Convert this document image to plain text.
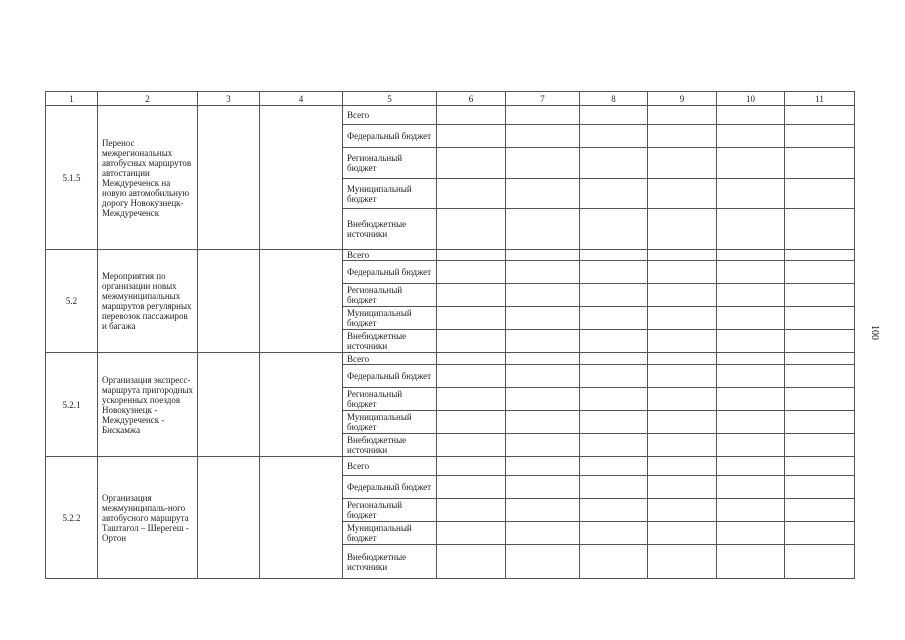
1	2	3	4	5	6	7	8	9	10	11
5.1.5	Перенос межрегиональных автобусных маршрутов автостанции Междуреченск на новую автомобильную дорогу Новокузнецк-Междуреченск			Всего						
				Федеральный бюджет						
				Региональный бюджет						
				Муниципальный бюджет						
				Внебюджетные источники						
5.2	Мероприятия по организации новых межмуниципальных маршрутов регулярных перевозок пассажиров и багажа			Всего						
				Федеральный бюджет						
				Региональный бюджет						
				Муниципальный бюджет						
				Внебюджетные источники						
5.2.1	Организация экспресс-маршрута пригородных ускоренных поездов Новокузнецк - Междуреченск - Бискамжа			Всего						
				Федеральный бюджет						
				Региональный бюджет						
				Муниципальный бюджет						
				Внебюджетные источники						
5.2.2	Организация межмуниципаль-ного автобусного маршрута Таштагол – Шерегеш - Ортон			Всего						
				Федеральный бюджет						
				Региональный бюджет						
				Муниципальный бюджет						
				Внебюджетные источники						
100
